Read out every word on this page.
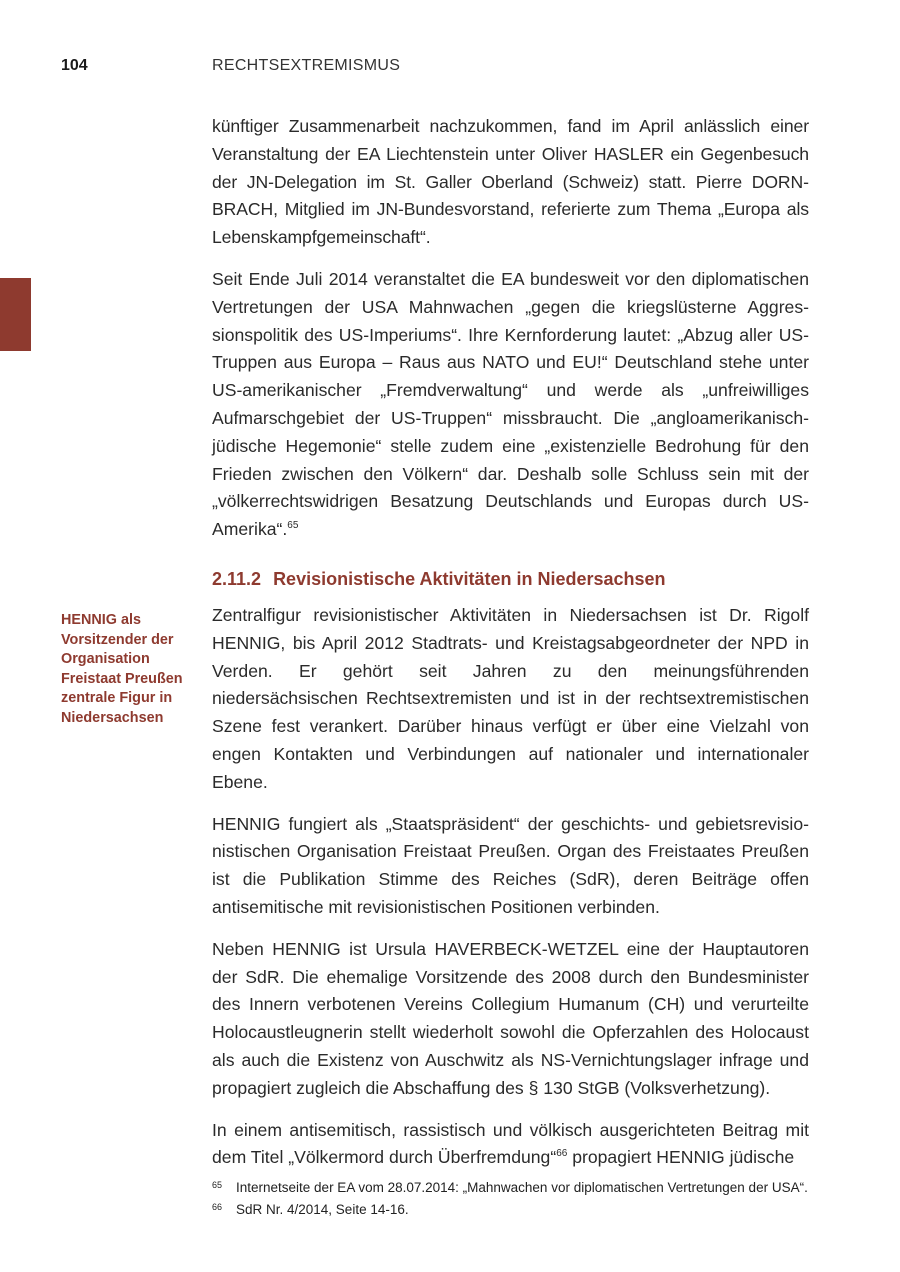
104	RECHTSEXTREMISMUS
HENNIG als Vorsitzender der Organisation Freistaat Preußen zentrale Figur in Niedersachsen

künftiger Zusammenarbeit nachzukommen, fand im April anlässlich einer Veranstaltung der EA Liechtenstein unter Oliver HASLER ein Gegenbesuch der JN-Delegation im St. Galler Oberland (Schweiz) statt. Pierre DORNBRACH, Mitglied im JN-Bundesvorstand, referierte zum Thema „Europa als Lebenskampfgemeinschaft“.

Seit Ende Juli 2014 veranstaltet die EA bundesweit vor den diplomatischen Vertretungen der USA Mahnwachen „gegen die kriegslüsterne Aggressionspolitik des US-Imperiums“. Ihre Kernforderung lautet: „Abzug aller US-Truppen aus Europa – Raus aus NATO und EU!“ Deutschland stehe unter US-amerikanischer „Fremdverwaltung“ und werde als „unfreiwilliges Aufmarschgebiet der US-Truppen“ missbraucht. Die „angloamerikanisch-jüdische Hegemonie“ stelle zudem eine „existenzielle Bedrohung für den Frieden zwischen den Völkern“ dar. Deshalb solle Schluss sein mit der „völkerrechtswidrigen Besatzung Deutschlands und Europas durch US-Amerika“.$^{65}$

2.11.2 Revisionistische Aktivitäten in Niedersachsen

Zentralfigur revisionistischer Aktivitäten in Niedersachsen ist Dr. Rigolf HENNIG, bis April 2012 Stadtrats- und Kreistagsabgeordneter der NPD in Verden. Er gehört seit Jahren zu den meinungsführenden niedersächsischen Rechtsextremisten und ist in der rechtsextremistischen Szene fest verankert. Darüber hinaus verfügt er über eine Vielzahl von engen Kontakten und Verbindungen auf nationaler und internationaler Ebene.

HENNIG fungiert als „Staatspräsident“ der geschichts- und gebietsrevisionistischen Organisation Freistaat Preußen. Organ des Freistaates Preußen ist die Publikation Stimme des Reiches (SdR), deren Beiträge offen antisemitische mit revisionistischen Positionen verbinden.

Neben HENNIG ist Ursula HAVERBECK-WETZEL eine der Hauptautoren der SdR. Die ehemalige Vorsitzende des 2008 durch den Bundesminister des Innern verbotenen Vereins Collegium Humanum (CH) und verurteilte Holocaustleugnerin stellt wiederholt sowohl die Opferzahlen des Holocaust als auch die Existenz von Auschwitz als NS-Vernichtungslager infrage und propagiert zugleich die Abschaffung des § 130 StGB (Volksverhetzung).

In einem antisemitisch, rassistisch und völkisch ausgerichteten Beitrag mit dem Titel „Völkermord durch Überfremdung“$^{66}$ propagiert HENNIG jüdische

65	Internetseite der EA vom 28.07.2014: „Mahnwachen vor diplomatischen Vertretungen der USA“.
66	SdR Nr. 4/2014, Seite 14-16.
